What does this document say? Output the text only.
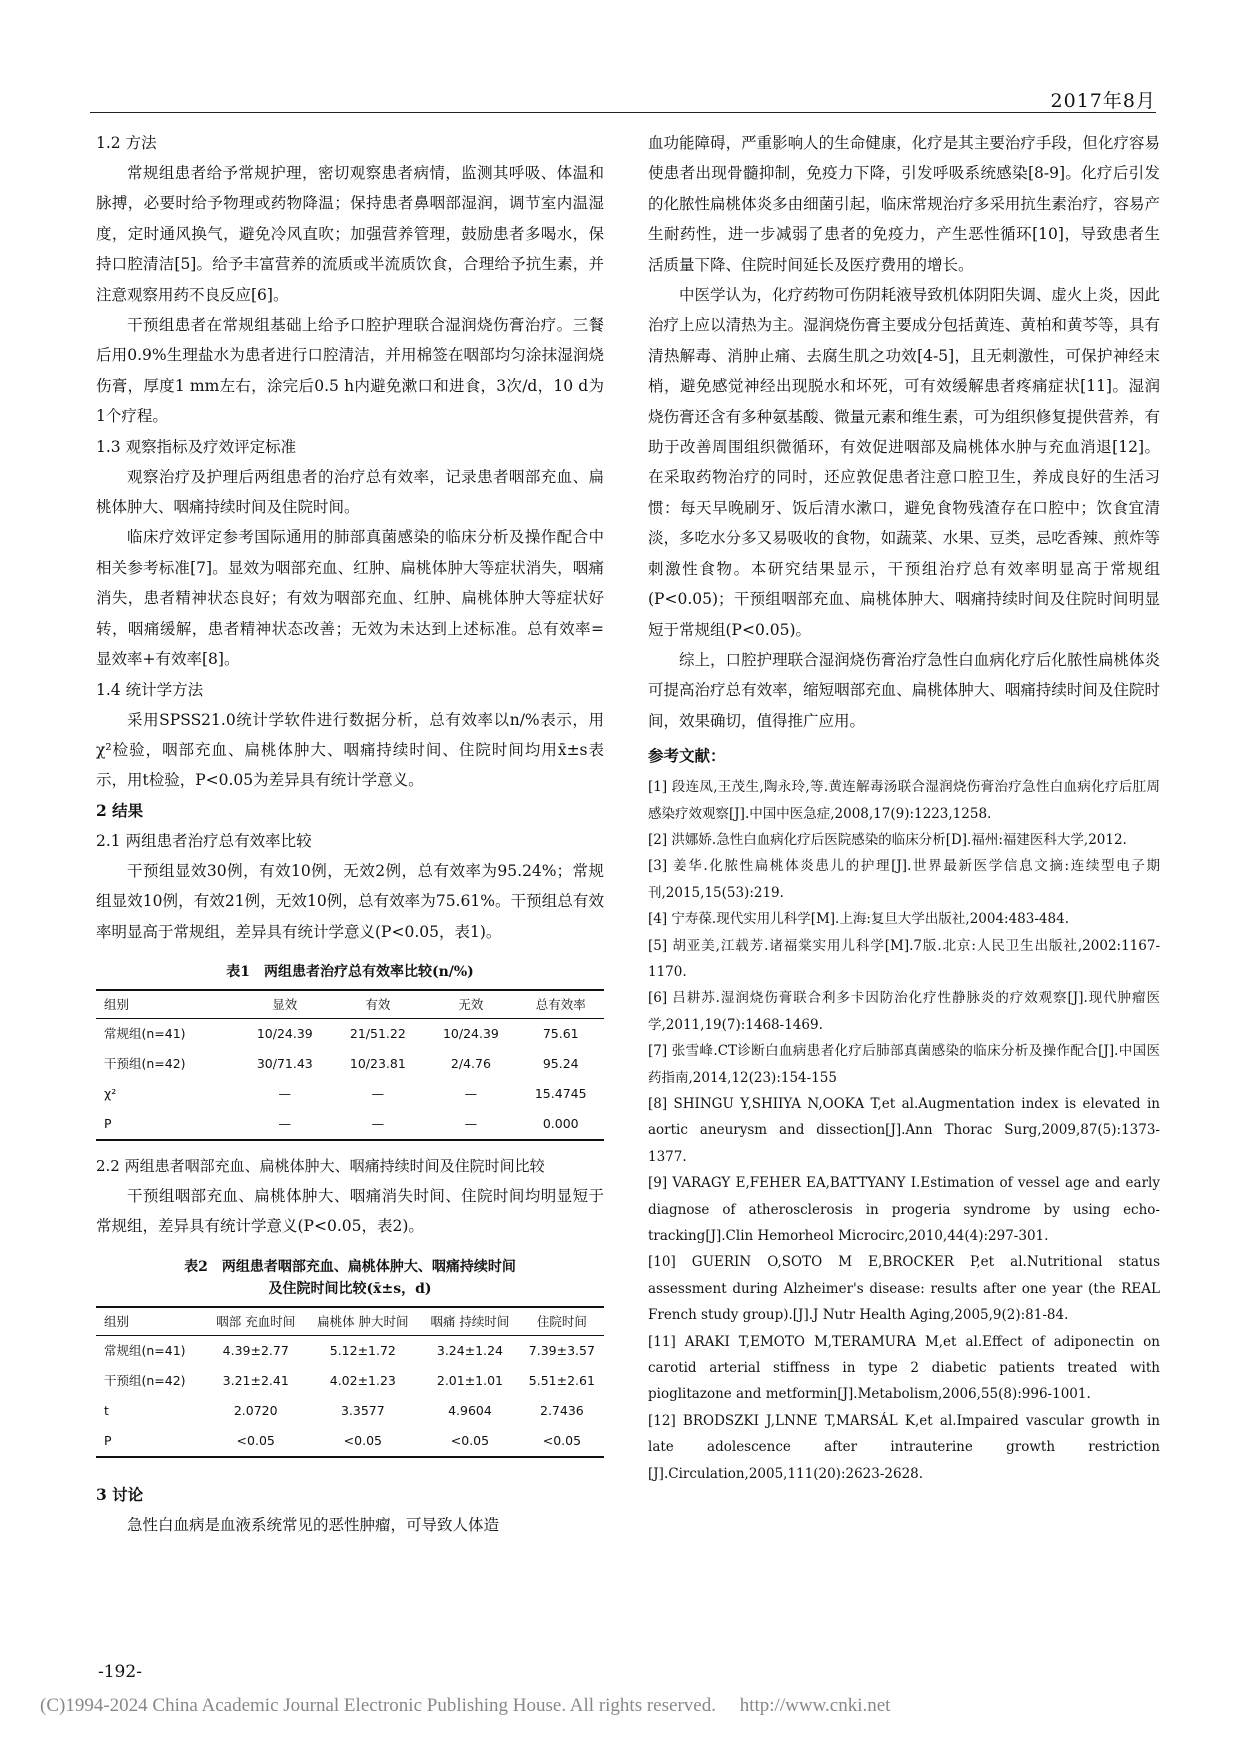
2017年8月

1.2 方法

常规组患者给予常规护理，密切观察患者病情，监测其呼吸、体温和脉搏，必要时给予物理或药物降温；保持患者鼻咽部湿润，调节室内温湿度，定时通风换气，避免冷风直吹；加强营养管理，鼓励患者多喝水，保持口腔清洁[5]。给予丰富营养的流质或半流质饮食，合理给予抗生素，并注意观察用药不良反应[6]。

干预组患者在常规组基础上给予口腔护理联合湿润烧伤膏治疗。三餐后用0.9%生理盐水为患者进行口腔清洁，并用棉签在咽部均匀涂抹湿润烧伤膏，厚度1 mm左右，涂完后0.5 h内避免漱口和进食，3次/d，10 d为1个疗程。

1.3 观察指标及疗效评定标准

观察治疗及护理后两组患者的治疗总有效率，记录患者咽部充血、扁桃体肿大、咽痛持续时间及住院时间。

临床疗效评定参考国际通用的肺部真菌感染的临床分析及操作配合中相关参考标准[7]。显效为咽部充血、红肿、扁桃体肿大等症状消失，咽痛消失，患者精神状态良好；有效为咽部充血、红肿、扁桃体肿大等症状好转，咽痛缓解，患者精神状态改善；无效为未达到上述标准。总有效率=显效率+有效率[8]。

1.4 统计学方法

采用SPSS21.0统计学软件进行数据分析，总有效率以n/%表示，用χ²检验，咽部充血、扁桃体肿大、咽痛持续时间、住院时间均用x̄±s表示，用t检验，P<0.05为差异具有统计学意义。

2 结果

2.1 两组患者治疗总有效率比较

干预组显效30例，有效10例，无效2例，总有效率为95.24%；常规组显效10例，有效21例，无效10例，总有效率为75.61%。干预组总有效率明显高于常规组，差异具有统计学意义(P<0.05，表1)。

表1　两组患者治疗总有效率比较(n/%)
组别	显效	有效	无效	总有效率
常规组(n=41)	10/24.39	21/51.22	10/24.39	75.61
干预组(n=42)	30/71.43	10/23.81	2/4.76	95.24
χ²	—	—	—	15.4745
P	—	—	—	0.000

2.2 两组患者咽部充血、扁桃体肿大、咽痛持续时间及住院时间比较

干预组咽部充血、扁桃体肿大、咽痛消失时间、住院时间均明显短于常规组，差异具有统计学意义(P<0.05，表2)。

表2　两组患者咽部充血、扁桃体肿大、咽痛持续时间
及住院时间比较(x̄±s，d)
组别	咽部 充血时间	扁桃体 肿大时间	咽痛 持续时间	住院时间
常规组(n=41)	4.39±2.77	5.12±1.72	3.24±1.24	7.39±3.57
干预组(n=42)	3.21±2.41	4.02±1.23	2.01±1.01	5.51±2.61
t	2.0720	3.3577	4.9604	2.7436
P	<0.05	<0.05	<0.05	<0.05

3 讨论

急性白血病是血液系统常见的恶性肿瘤，可导致人体造

血功能障碍，严重影响人的生命健康，化疗是其主要治疗手段，但化疗容易使患者出现骨髓抑制，免疫力下降，引发呼吸系统感染[8-9]。化疗后引发的化脓性扁桃体炎多由细菌引起，临床常规治疗多采用抗生素治疗，容易产生耐药性，进一步减弱了患者的免疫力，产生恶性循环[10]，导致患者生活质量下降、住院时间延长及医疗费用的增长。

中医学认为，化疗药物可伤阴耗液导致机体阴阳失调、虚火上炎，因此治疗上应以清热为主。湿润烧伤膏主要成分包括黄连、黄柏和黄芩等，具有清热解毒、消肿止痛、去腐生肌之功效[4-5]，且无刺激性，可保护神经末梢，避免感觉神经出现脱水和坏死，可有效缓解患者疼痛症状[11]。湿润烧伤膏还含有多种氨基酸、微量元素和维生素，可为组织修复提供营养，有助于改善周围组织微循环，有效促进咽部及扁桃体水肿与充血消退[12]。在采取药物治疗的同时，还应敦促患者注意口腔卫生，养成良好的生活习惯：每天早晚刷牙、饭后清水漱口，避免食物残渣存在口腔中；饮食宜清淡，多吃水分多又易吸收的食物，如蔬菜、水果、豆类，忌吃香辣、煎炸等刺激性食物。本研究结果显示，干预组治疗总有效率明显高于常规组(P<0.05)；干预组咽部充血、扁桃体肿大、咽痛持续时间及住院时间明显短于常规组(P<0.05)。

综上，口腔护理联合湿润烧伤膏治疗急性白血病化疗后化脓性扁桃体炎可提高治疗总有效率，缩短咽部充血、扁桃体肿大、咽痛持续时间及住院时间，效果确切，值得推广应用。

参考文献：

[1] 段连凤,王茂生,陶永玲,等.黄连解毒汤联合湿润烧伤膏治疗急性白血病化疗后肛周感染疗效观察[J].中国中医急症,2008,17(9):1223,1258.

[2] 洪娜娇.急性白血病化疗后医院感染的临床分析[D].福州:福建医科大学,2012.

[3] 姜华.化脓性扁桃体炎患儿的护理[J].世界最新医学信息文摘:连续型电子期刊,2015,15(53):219.

[4] 宁寿葆.现代实用儿科学[M].上海:复旦大学出版社,2004:483-484.

[5] 胡亚美,江载芳.诸福棠实用儿科学[M].7版.北京:人民卫生出版社,2002:1167-1170.

[6] 吕耕苏.湿润烧伤膏联合利多卡因防治化疗性静脉炎的疗效观察[J].现代肿瘤医学,2011,19(7):1468-1469.

[7] 张雪峰.CT诊断白血病患者化疗后肺部真菌感染的临床分析及操作配合[J].中国医药指南,2014,12(23):154-155

[8] SHINGU Y,SHIIYA N,OOKA T,et al.Augmentation index is elevated in aortic aneurysm and dissection[J].Ann Thorac Surg,2009,87(5):1373-1377.

[9] VARAGY E,FEHER EA,BATTYANY I.Estimation of vessel age and early diagnose of atherosclerosis in progeria syndrome by using echo-tracking[J].Clin Hemorheol Microcirc,2010,44(4):297-301.

[10] GUERIN O,SOTO M E,BROCKER P,et al.Nutritional status assessment during Alzheimer's disease: results after one year (the REAL French study group).[J].J Nutr Health Aging,2005,9(2):81-84.

[11] ARAKI T,EMOTO M,TERAMURA M,et al.Effect of adiponectin on carotid arterial stiffness in type 2 diabetic patients treated with pioglitazone and metformin[J].Metabolism,2006,55(8):996-1001.

[12] BRODSZKI J,LNNE T,MARSÁL K,et al.Impaired vascular growth in late adolescence after intrauterine growth restriction [J].Circulation,2005,111(20):2623-2628.

-192-
(C)1994-2024 China Academic Journal Electronic Publishing House. All rights reserved.　 http://www.cnki.net
